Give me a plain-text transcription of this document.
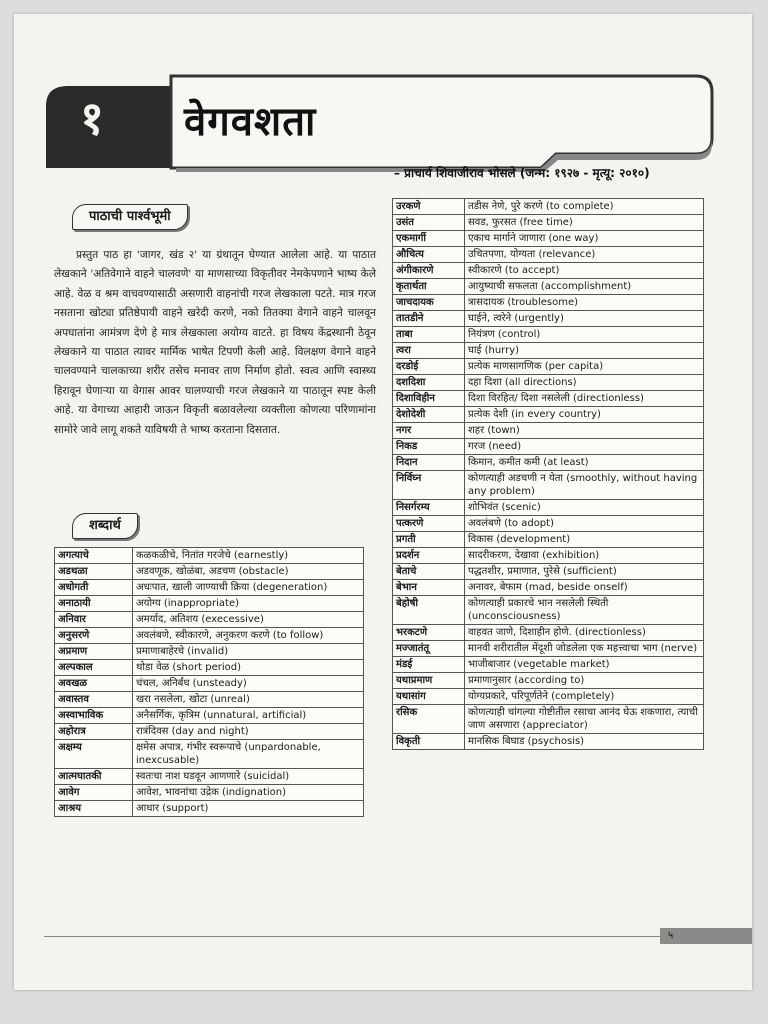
१ वेगवशता
– प्राचार्य शिवाजीराव भोसले (जन्म: १९२७ - मृत्यू: २०१०)
पाठाची पार्श्वभूमी

प्रस्तुत पाठ हा 'जागर, खंड २' या ग्रंथातून घेण्यात आलेला आहे. या पाठात लेखकाने 'अतिवेगाने वाहने चालवणे' या माणसाच्या विकृतीवर नेमकेपणाने भाष्य केले आहे. वेळ व श्रम वाचवण्यासाठी असणारी वाहनांची गरज लेखकाला पटते. मात्र गरज नसताना खोट्या प्रतिष्ठेपायी वाहने खरेदी करणे, नको तितक्या वेगाने वाहने चालवून अपघातांना आमंत्रण देणे हे मात्र लेखकाला अयोग्य वाटते. हा विषय केंद्रस्थानी ठेवून लेखकाने या पाठात त्यावर मार्मिक भाषेत टिपणी केली आहे. विलक्षण वेगाने वाहने चालवण्याने चालकाच्या शरीर तसेच मनावर ताण निर्माण होतो. स्वत्व आणि स्वास्थ्य हिरावून घेणाऱ्या या वेगास आवर घालण्याची गरज लेखकाने या पाठातून स्पष्ट केली आहे. या वेगाच्या आहारी जाऊन विकृती बळावलेल्या व्यक्तीला कोणत्या परिणामांना सामोरे जावे लागू शकते याविषयी ते भाष्य करताना दिसतात.

शब्दार्थ
अगत्याचे	कळकळीचे, नितांत गरजेचे (earnestly)
अडथळा	अडवणूक, खोळंबा, अडचण (obstacle)
अधोगती	अधःपात, खाली जाण्याची क्रिया (degeneration)
अनाठायी	अयोग्य (inappropriate)
अनिवार	अमर्याद, अतिशय (execessive)
अनुसरणे	अवलंबणे, स्वीकारणे, अनुकरण करणे (to follow)
अप्रमाण	प्रमाणाबाहेरचे (invalid)
अल्पकाल	थोडा वेळ (short period)
अवखळ	चंचल, अनिर्बंध (unsteady)
अवास्तव	खरा नसलेला, खोटा (unreal)
अस्वाभाविक	अनैसर्गिक, कृत्रिम (unnatural, artificial)
अहोरात्र	रात्रंदिवस (day and night)
अक्षम्य	क्षमेस अपात्र, गंभीर स्वरूपाचे (unpardonable, inexcusable)
आत्मघातकी	स्वतःचा नाश घडवून आणणारे (suicidal)
आवेग	आवेश, भावनांचा उद्रेक (indignation)
आश्रय	आधार (support)
उरकणे	तडीस नेणे, पुरे करणे (to complete)
उसंत	सवड, फुरसत (free time)
एकमार्गी	एकाच मार्गाने जाणारा (one way)
औचित्य	उचितपणा, योग्यता (relevance)
अंगीकारणे	स्वीकारणे (to accept)
कृतार्थता	आयुष्याची सफलता (accomplishment)
जाचदायक	त्रासदायक (troublesome)
तातडीने	घाईने, त्वरेने (urgently)
ताबा	नियंत्रण (control)
त्वरा	घाई (hurry)
दरडोई	प्रत्येक माणसागणिक (per capita)
दशदिशा	दहा दिशा (all directions)
दिशाविहीन	दिशा विरहित/ दिशा नसलेली (directionless)
देशोदेशी	प्रत्येक देशी (in every country)
नगर	शहर (town)
निकड	गरज (need)
निदान	किमान, कमीत कमी (at least)
निर्विघ्न	कोणत्याही अडचणी न येता (smoothly, without having any problem)
निसर्गरम्य	शोभिवंत (scenic)
पत्करणे	अवलंबणे (to adopt)
प्रगती	विकास (development)
प्रदर्शन	सादरीकरण, देखावा (exhibition)
बेताचे	पद्धतशीर, प्रमाणात, पुरेसे (sufficient)
बेभान	अनावर, बेफाम (mad, beside onself)
बेहोषी	कोणत्याही प्रकारचे भान नसलेली स्थिती (unconsciousness)
भरकटणे	वाहवत जाणे, दिशाहीन होणे. (directionless)
मज्जातंतू	मानवी शरीरातील मेंदूशी जोडलेला एक महत्त्वाचा भाग (nerve)
मंडई	भाजीबाजार (vegetable market)
यथाप्रमाण	प्रमाणानुसार (according to)
यथासांग	योग्यप्रकारे, परिपूर्णतेने (completely)
रसिक	कोणत्याही चांगल्या गोष्टीतील रसाचा आनंद घेऊ शकणारा, त्याची जाण असणारा (appreciator)
विकृती	मानसिक बिघाड (psychosis)
५
